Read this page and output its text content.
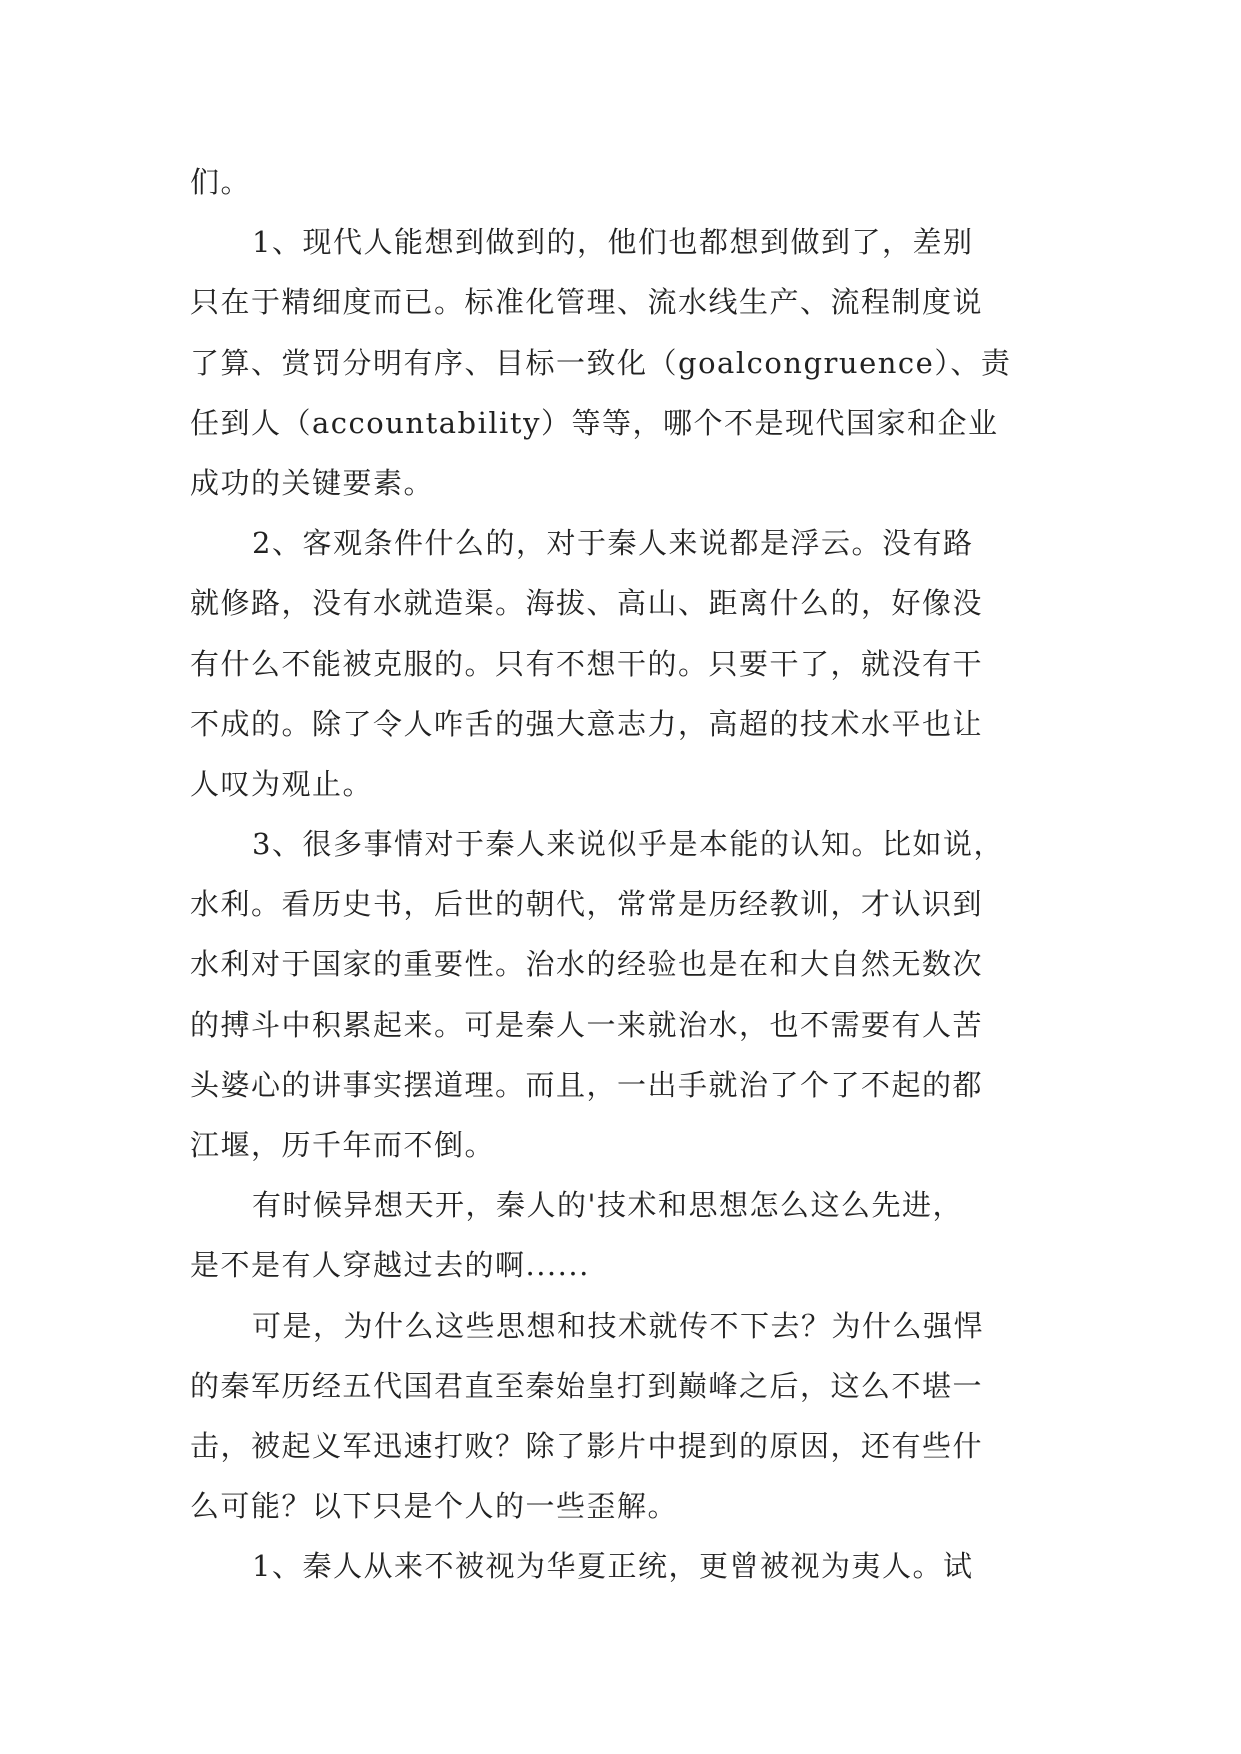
们。
1、现代人能想到做到的，他们也都想到做到了，差别
只在于精细度而已。标准化管理、流水线生产、流程制度说
了算、赏罚分明有序、目标一致化（goalcongruence）、责
任到人（accountability）等等，哪个不是现代国家和企业
成功的关键要素。
2、客观条件什么的，对于秦人来说都是浮云。没有路
就修路，没有水就造渠。海拔、高山、距离什么的，好像没
有什么不能被克服的。只有不想干的。只要干了，就没有干
不成的。除了令人咋舌的强大意志力，高超的技术水平也让
人叹为观止。
3、很多事情对于秦人来说似乎是本能的认知。比如说，
水利。看历史书，后世的朝代，常常是历经教训，才认识到
水利对于国家的重要性。治水的经验也是在和大自然无数次
的搏斗中积累起来。可是秦人一来就治水，也不需要有人苦
头婆心的讲事实摆道理。而且，一出手就治了个了不起的都
江堰，历千年而不倒。
有时候异想天开，秦人的'技术和思想怎么这么先进，
是不是有人穿越过去的啊......
可是，为什么这些思想和技术就传不下去？为什么强悍
的秦军历经五代国君直至秦始皇打到巅峰之后，这么不堪一
击，被起义军迅速打败？除了影片中提到的原因，还有些什
么可能？以下只是个人的一些歪解。
1、秦人从来不被视为华夏正统，更曾被视为夷人。试
